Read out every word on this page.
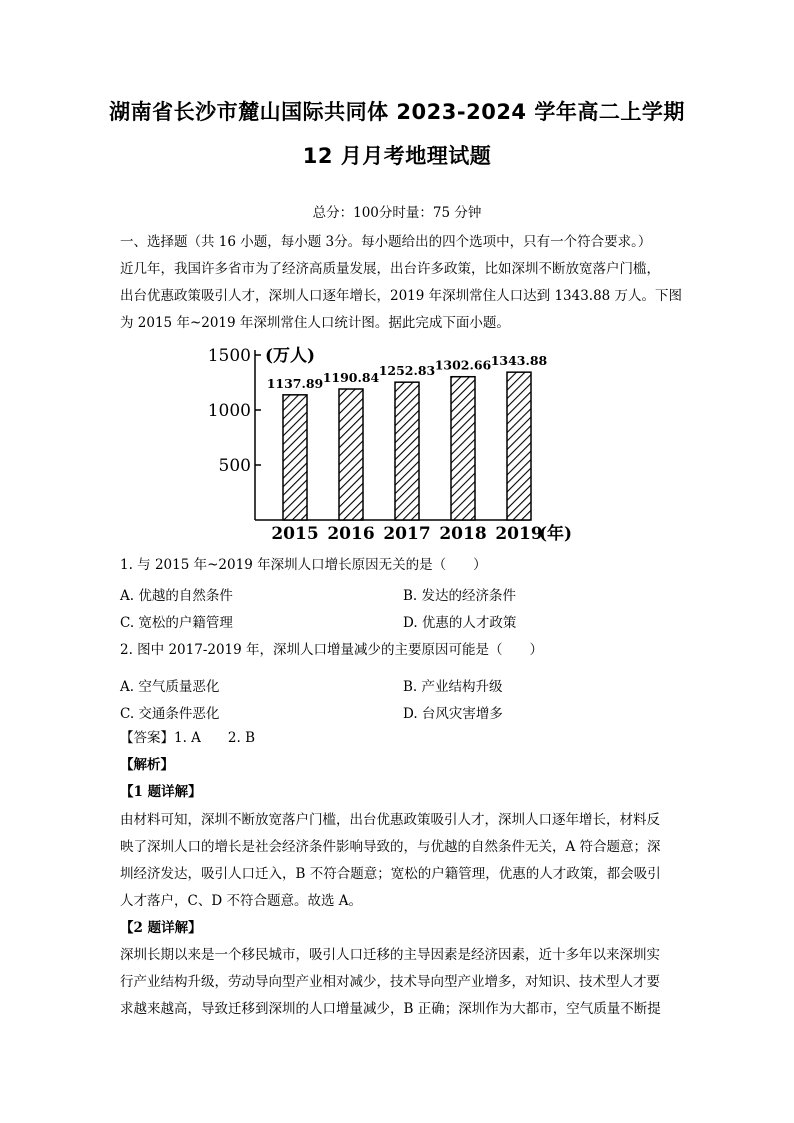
湖南省长沙市麓山国际共同体 2023-2024 学年高二上学期
12 月月考地理试题
总分：100分时量：75 分钟
一、选择题（共 16 小题，每小题 3分。每小题给出的四个选项中，只有一个符合要求。）
近几年，我国许多省市为了经济高质量发展，出台许多政策，比如深圳不断放宽落户门槛，
出台优惠政策吸引人才，深圳人口逐年增长，2019 年深圳常住人口达到 1343.88 万人。下图
为 2015 年~2019 年深圳常住人口统计图。据此完成下面小题。
500
1000
1500 (万人)
1137.89
2015
1190.84
2016
1252.83
2017
1302.66
2018
1343.88
2019
(年)
1. 与 2015 年~2019 年深圳人口增长原因无关的是（　　）
A. 优越的自然条件	B. 发达的经济条件
C. 宽松的户籍管理	D. 优惠的人才政策
2. 图中 2017-2019 年，深圳人口增量减少的主要原因可能是（　　）
A. 空气质量恶化	B. 产业结构升级
C. 交通条件恶化	D. 台风灾害增多
【答案】1. A　　2. B
【解析】
【1 题详解】
由材料可知，深圳不断放宽落户门槛，出台优惠政策吸引人才，深圳人口逐年增长，材料反
映了深圳人口的增长是社会经济条件影响导致的，与优越的自然条件无关，A 符合题意；深
圳经济发达，吸引人口迁入，B 不符合题意；宽松的户籍管理，优惠的人才政策，都会吸引
人才落户，C、D 不符合题意。故选 A。
【2 题详解】
深圳长期以来是一个移民城市，吸引人口迁移的主导因素是经济因素，近十多年以来深圳实
行产业结构升级，劳动导向型产业相对减少，技术导向型产业增多，对知识、技术型人才要
求越来越高，导致迁移到深圳的人口增量减少，B 正确；深圳作为大都市，空气质量不断提
